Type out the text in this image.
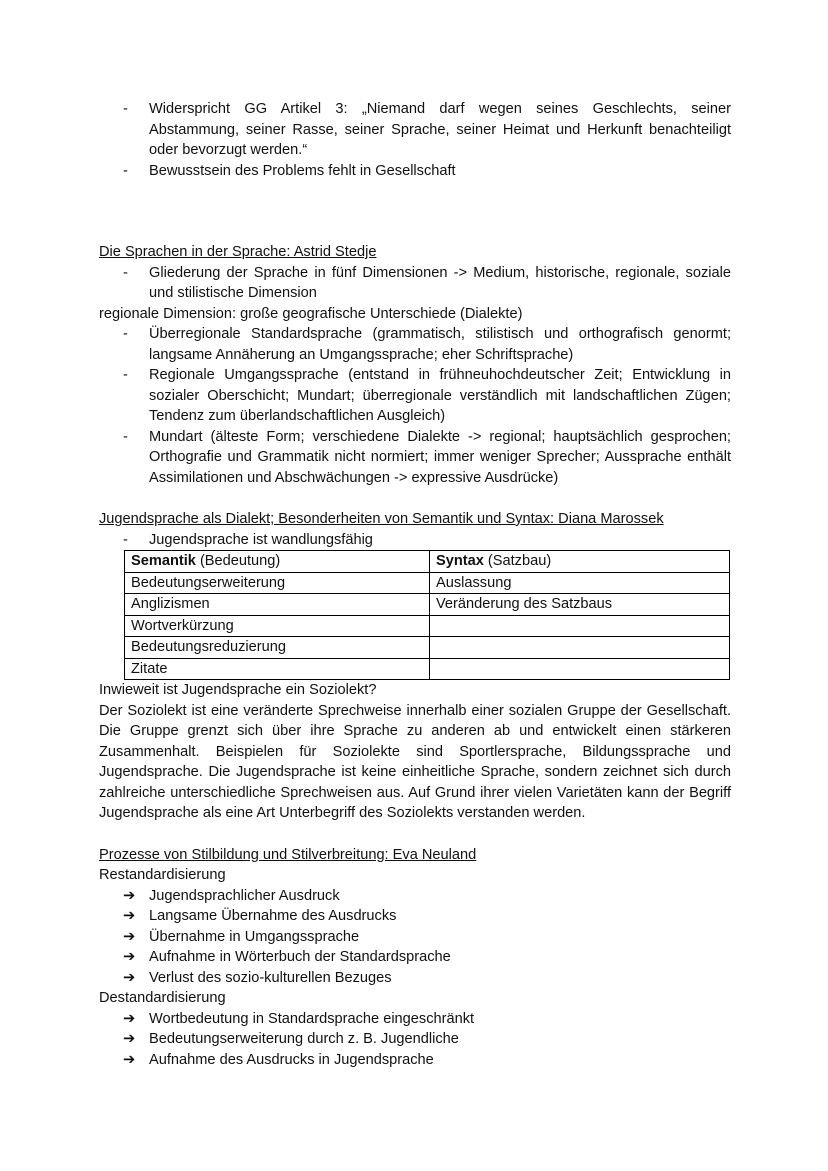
-	Widerspricht GG Artikel 3: „Niemand darf wegen seines Geschlechts, seiner Abstammung, seiner Rasse, seiner Sprache, seiner Heimat und Herkunft benachteiligt oder bevorzugt werden.“
-	Bewusstsein des Problems fehlt in Gesellschaft

Die Sprachen in der Sprache: Astrid Stedje

-	Gliederung der Sprache in fünf Dimensionen -> Medium, historische, regionale, soziale und stilistische Dimension

regionale Dimension: große geografische Unterschiede (Dialekte)

-	Überregionale Standardsprache (grammatisch, stilistisch und orthografisch genormt; langsame Annäherung an Umgangssprache; eher Schriftsprache)
-	Regionale Umgangssprache (entstand in frühneuhochdeutscher Zeit; Entwicklung in sozialer Oberschicht; Mundart; überregionale verständlich mit landschaftlichen Zügen; Tendenz zum überlandschaftlichen Ausgleich)
-	Mundart (älteste Form; verschiedene Dialekte -> regional; hauptsächlich gesprochen; Orthografie und Grammatik nicht normiert; immer weniger Sprecher; Aussprache enthält Assimilationen und Abschwächungen -> expressive Ausdrücke)

Jugendsprache als Dialekt; Besonderheiten von Semantik und Syntax: Diana Marossek

-	Jugendsprache ist wandlungsfähig
Semantik (Bedeutung)	Syntax (Satzbau)
Bedeutungserweiterung	Auslassung
Anglizismen	Veränderung des Satzbaus
Wortverkürzung	
Bedeutungsreduzierung	
Zitate	

Inwieweit ist Jugendsprache ein Soziolekt?

Der Soziolekt ist eine veränderte Sprechweise innerhalb einer sozialen Gruppe der Gesellschaft. Die Gruppe grenzt sich über ihre Sprache zu anderen ab und entwickelt einen stärkeren Zusammenhalt. Beispielen für Soziolekte sind Sportlersprache, Bildungssprache und Jugendsprache. Die Jugendsprache ist keine einheitliche Sprache, sondern zeichnet sich durch zahlreiche unterschiedliche Sprechweisen aus. Auf Grund ihrer vielen Varietäten kann der Begriff Jugendsprache als eine Art Unterbegriff des Soziolekts verstanden werden.

Prozesse von Stilbildung und Stilverbreitung: Eva Neuland

Restandardisierung

➔ Jugendsprachlicher Ausdruck
➔ Langsame Übernahme des Ausdrucks
➔ Übernahme in Umgangssprache
➔ Aufnahme in Wörterbuch der Standardsprache
➔ Verlust des sozio-kulturellen Bezuges

Destandardisierung

➔ Wortbedeutung in Standardsprache eingeschränkt
➔ Bedeutungserweiterung durch z. B. Jugendliche
➔ Aufnahme des Ausdrucks in Jugendsprache
